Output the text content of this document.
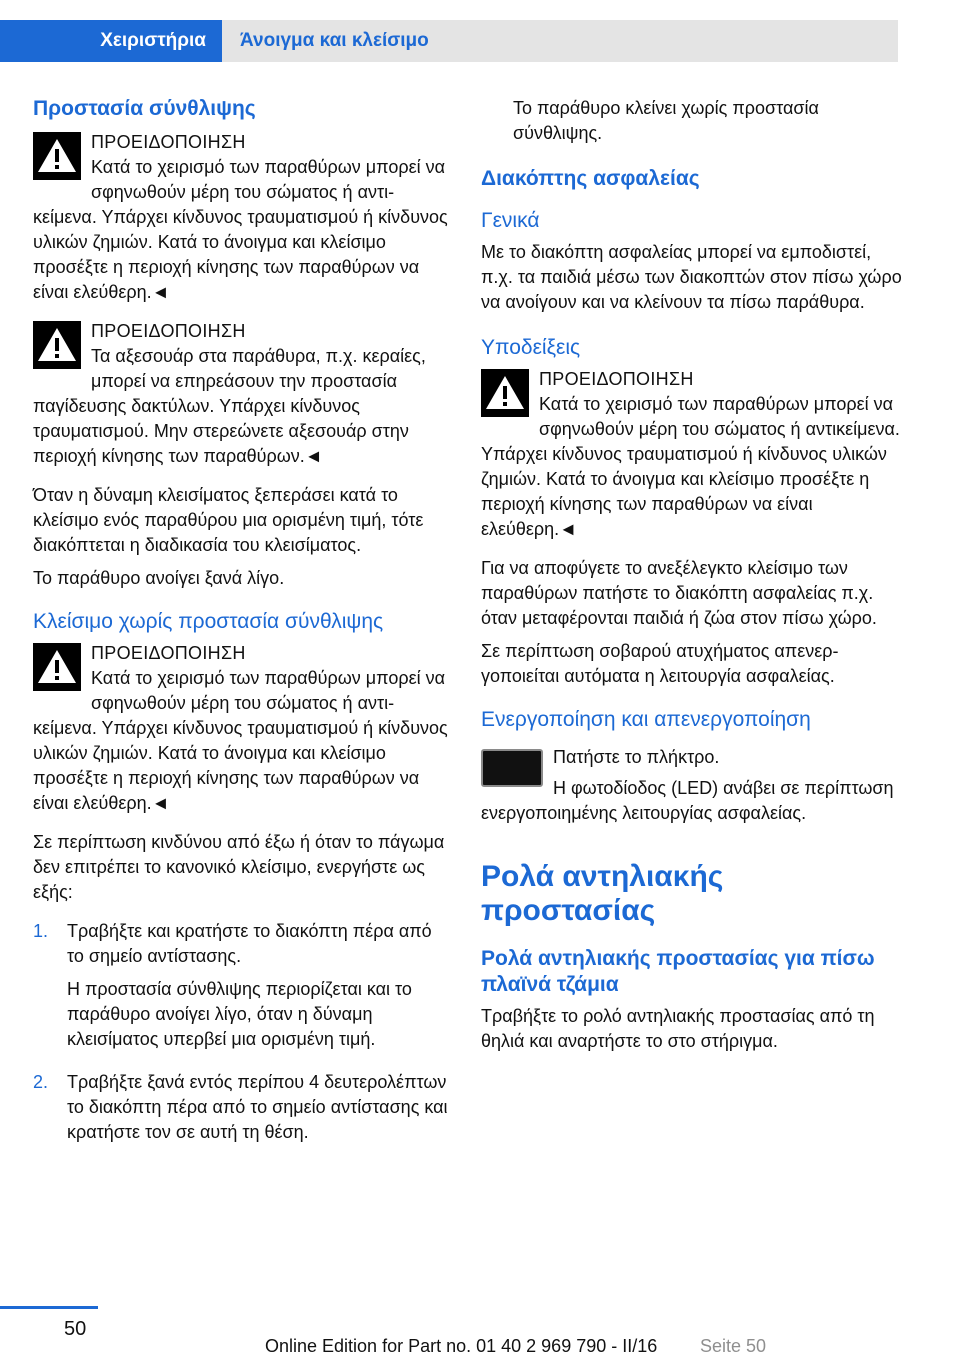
Χειριστήρια Άνοιγμα και κλείσιμο
Προστασία σύνθλιψης
ΠΡΟΕΙΔΟΠΟΙΗΣΗ
Κατά το χειρισμό των παραθύρων μπορεί να σφηνωθούν μέρη του σώματος ή αντικείμενα. Υπάρχει κίνδυνος τραυματισμού ή κίνδυνος υλικών ζημιών. Κατά το άνοιγμα και κλείσιμο προσέξτε η περιοχή κίνησης των παραθύρων να είναι ελεύθερη.◄
ΠΡΟΕΙΔΟΠΟΙΗΣΗ
Τα αξεσουάρ στα παράθυρα, π.χ. κεραίες, μπορεί να επηρεάσουν την προστασία παγίδευσης δακτύλων. Υπάρχει κίνδυνος τραυματισμού. Μην στερεώνετε αξεσουάρ στην περιοχή κίνησης των παραθύρων.◄

Όταν η δύναμη κλεισίματος ξεπεράσει κατά το κλείσιμο ενός παραθύρου μια ορισμένη τιμή, τότε διακόπτεται η διαδικασία του κλεισίματος.

Το παράθυρο ανοίγει ξανά λίγο.

Κλείσιμο χωρίς προστασία σύνθλιψης
ΠΡΟΕΙΔΟΠΟΙΗΣΗ
Κατά το χειρισμό των παραθύρων μπορεί να σφηνωθούν μέρη του σώματος ή αντικείμενα. Υπάρχει κίνδυνος τραυματισμού ή κίνδυνος υλικών ζημιών. Κατά το άνοιγμα και κλείσιμο προσέξτε η περιοχή κίνησης των παραθύρων να είναι ελεύθερη.◄

Σε περίπτωση κινδύνου από έξω ή όταν το πάγωμα δεν επιτρέπει το κανονικό κλείσιμο, ενεργήστε ως εξής:

1.	Τραβήξτε και κρατήστε το διακόπτη πέρα από το σημείο αντίστασης.

Η προστασία σύνθλιψης περιορίζεται και το παράθυρο ανοίγει λίγο, όταν η δύναμη κλεισίματος υπερβεί μια ορισμένη τιμή.

2.	Τραβήξτε ξανά εντός περίπου 4 δευτερολέπτων το διακόπτη πέρα από το σημείο αντίστασης και κρατήστε τον σε αυτή τη θέση.

Το παράθυρο κλείνει χωρίς προστασία σύνθλιψης.

Διακόπτης ασφαλείας
Γενικά

Με το διακόπτη ασφαλείας μπορεί να εμποδιστεί, π.χ. τα παιδιά μέσω των διακοπτών στον πίσω χώρο να ανοίγουν και να κλείνουν τα πίσω παράθυρα.

Υποδείξεις
ΠΡΟΕΙΔΟΠΟΙΗΣΗ
Κατά το χειρισμό των παραθύρων μπορεί να σφηνωθούν μέρη του σώματος ή αντικείμενα. Υπάρχει κίνδυνος τραυματισμού ή κίνδυνος υλικών ζημιών. Κατά το άνοιγμα και κλείσιμο προσέξτε η περιοχή κίνησης των παραθύρων να είναι ελεύθερη.◄

Για να αποφύγετε το ανεξέλεγκτο κλείσιμο των παραθύρων πατήστε το διακόπτη ασφαλείας π.χ. όταν μεταφέρονται παιδιά ή ζώα στον πίσω χώρο.

Σε περίπτωση σοβαρού ατυχήματος απενεργοποιείται αυτόματα η λειτουργία ασφαλείας.

Ενεργοποίηση και απενεργοποίηση
Πατήστε το πλήκτρο.
Η φωτοδίοδος (LED) ανάβει σε περίπτωση ενεργοποιημένης λειτουργίας ασφαλείας.
Ρολά αντηλιακής προστασίας
Ρολά αντηλιακής προστασίας για πίσω πλαϊνά τζάμια

Τραβήξτε το ρολό αντηλιακής προστασίας από τη θηλιά και αναρτήστε το στο στήριγμα.

50
Online Edition for Part no. 01 40 2 969 790 - II/16 Seite 50
